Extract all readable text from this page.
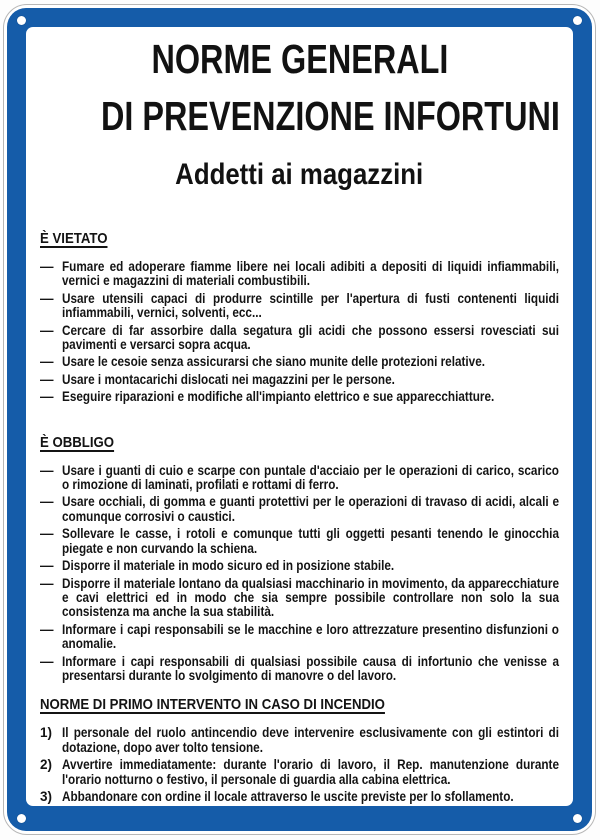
NORME GENERALI
DI PREVENZIONE INFORTUNI
Addetti ai magazzini
È VIETATO
— Fumare ed adoperare fiamme libere nei locali adibiti a depositi di liquidi infiammabili, vernici e magazzini di materiali combustibili.
— Usare utensili capaci di produrre scintille per l'apertura di fusti contenenti liquidi infiammabili, vernici, solventi, ecc...
— Cercare di far assorbire dalla segatura gli acidi che possono essersi rovesciati sui pavimenti e versarci sopra acqua.
— Usare le cesoie senza assicurarsi che siano munite delle protezioni relative.
— Usare i montacarichi dislocati nei magazzini per le persone.
— Eseguire riparazioni e modifiche all'impianto elettrico e sue apparecchiatture.
È OBBLIGO
— Usare i guanti di cuio e scarpe con puntale d'acciaio per le operazioni di carico, scarico o rimozione di laminati, profilati e rottami di ferro.
— Usare occhiali, di gomma e guanti protettivi per le operazioni di travaso di acidi, alcali e comunque corrosivi o caustici.
— Sollevare le casse, i rotoli e comunque tutti gli oggetti pesanti tenendo le ginocchia piegate e non curvando la schiena.
— Disporre il materiale in modo sicuro ed in posizione stabile.
— Disporre il materiale lontano da qualsiasi macchinario in movimento, da apparecchiature e cavi elettrici ed in modo che sia sempre possibile controllare non solo la sua consistenza ma anche la sua stabilità.
— Informare i capi responsabili se le macchine e loro attrezzature presentino disfunzioni o anomalie.
— Informare i capi responsabili di qualsiasi possibile causa di infortunio che venisse a presentarsi durante lo svolgimento di manovre o del lavoro.
NORME DI PRIMO INTERVENTO IN CASO DI INCENDIO
1) Il personale del ruolo antincendio deve intervenire esclusivamente con gli estintori di dotazione, dopo aver tolto tensione.
2) Avvertire immediatamente: durante l'orario di lavoro, il Rep. manutenzione durante l'orario notturno o festivo, il personale di guardia alla cabina elettrica.
3) Abbandonare con ordine il locale attraverso le uscite previste per lo sfollamento.
